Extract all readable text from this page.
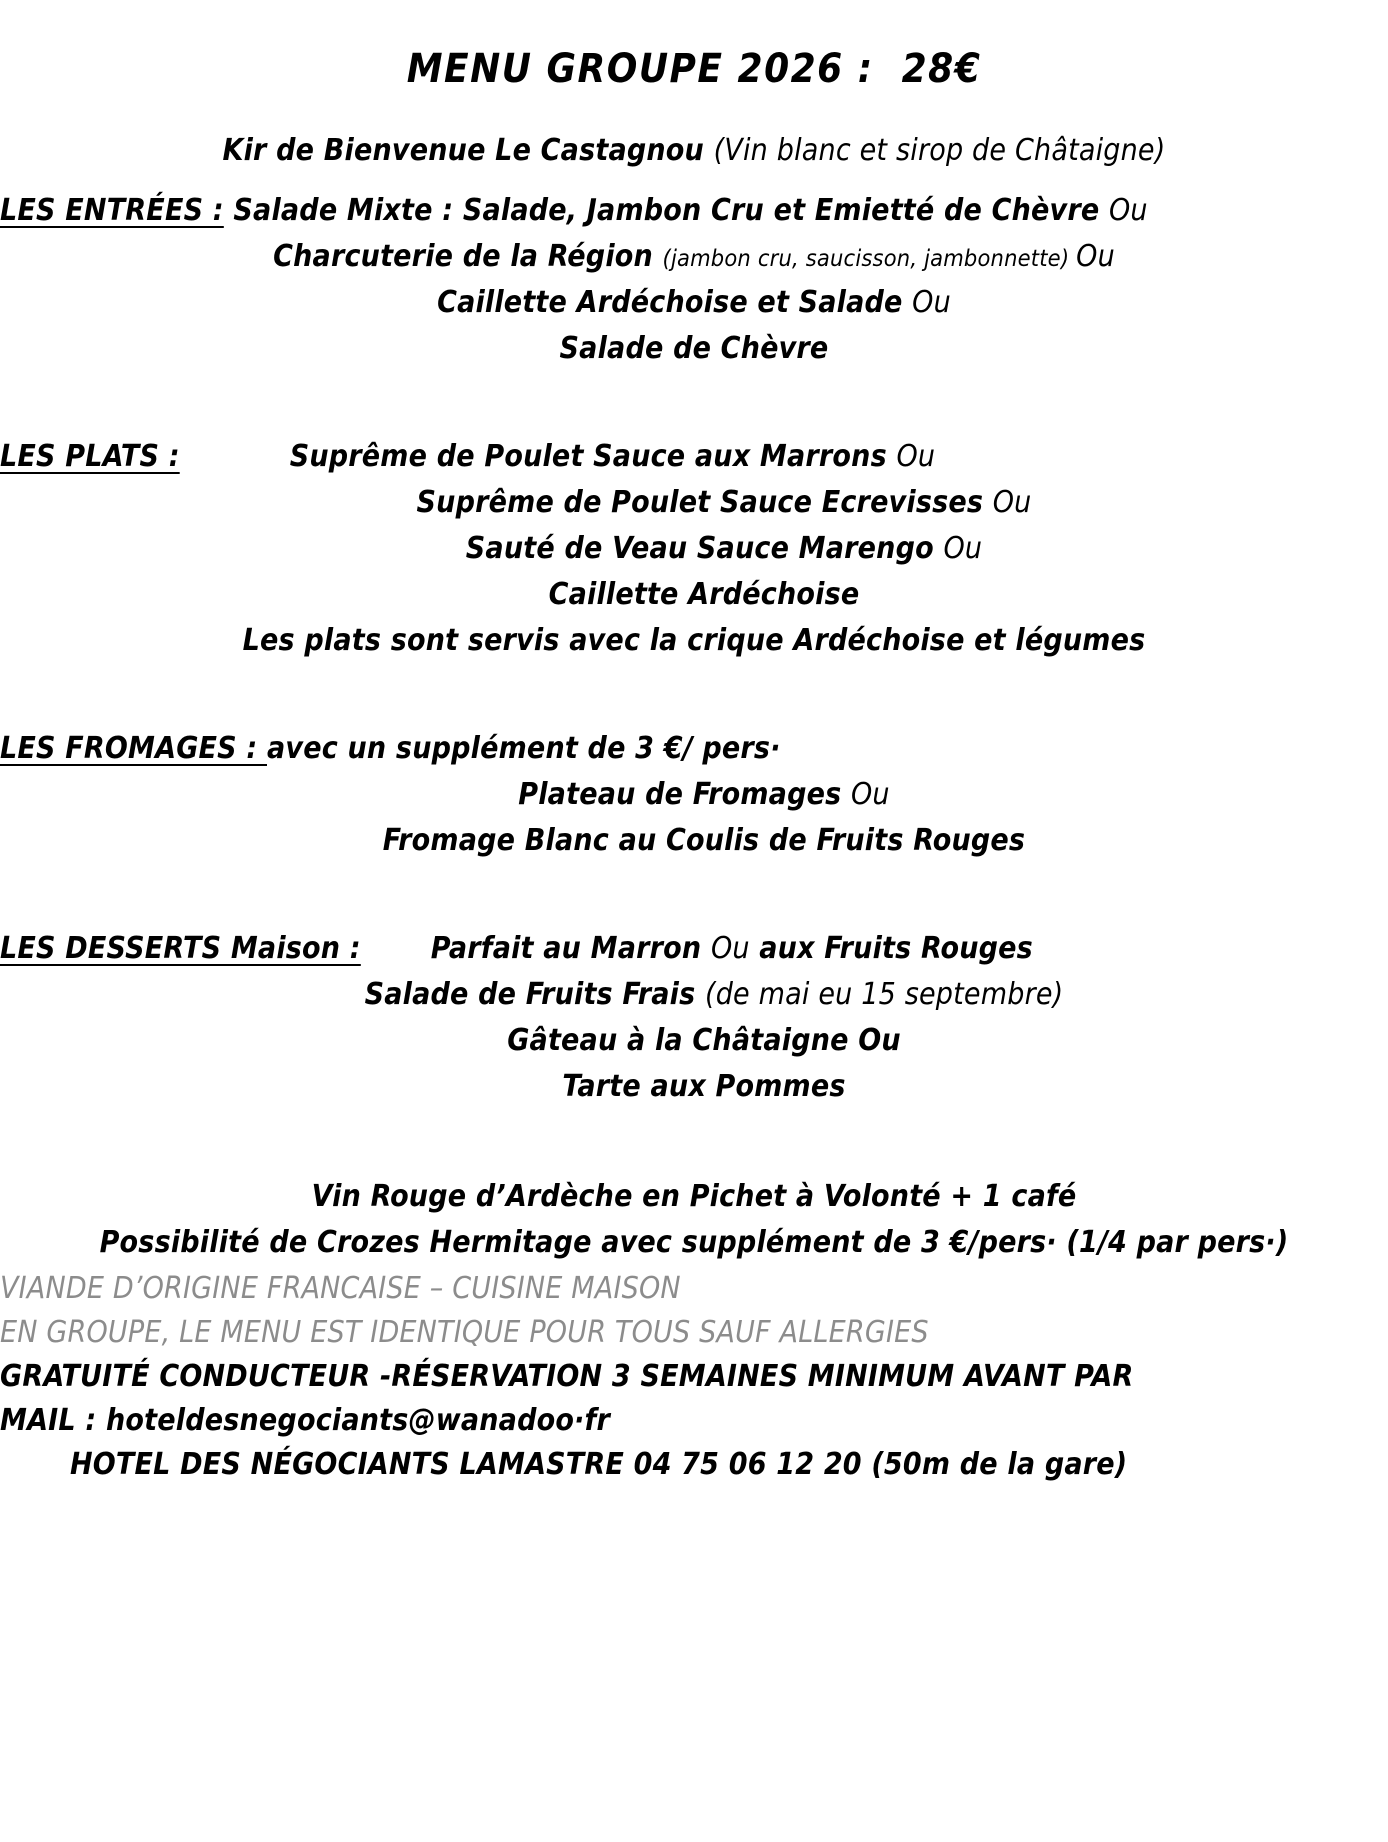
MENU GROUPE 2026 :  28€
Kir de Bienvenue Le Castagnou (Vin blanc et sirop de Châtaigne)
LES ENTRÉES : Salade Mixte : Salade, Jambon Cru et Emietté de Chèvre Ou
Charcuterie de la Région (jambon cru, saucisson, jambonnette) Ou
Caillette Ardéchoise et Salade Ou
Salade de Chèvre
LES PLATS :	Suprême de Poulet Sauce aux Marrons Ou
Suprême de Poulet Sauce Ecrevisses Ou
Sauté de Veau Sauce Marengo Ou
Caillette Ardéchoise
Les plats sont servis avec la crique Ardéchoise et légumes
LES FROMAGES : avec un supplément de 3 €/ pers·
Plateau de Fromages Ou
Fromage Blanc au Coulis de Fruits Rouges
LES DESSERTS Maison : Parfait au Marron Ou aux Fruits Rouges
Salade de Fruits Frais (de mai eu 15 septembre)
Gâteau à la Châtaigne Ou
Tarte aux Pommes
Vin Rouge d’Ardèche en Pichet à Volonté + 1 café
Possibilité de Crozes Hermitage avec supplément de 3 €/pers· (1/4 par pers·)
VIANDE D’ORIGINE FRANCAISE – CUISINE MAISON
EN GROUPE, LE MENU EST IDENTIQUE POUR TOUS SAUF ALLERGIES
GRATUITÉ CONDUCTEUR -RÉSERVATION 3 SEMAINES MINIMUM AVANT PAR
MAIL : hoteldesnegociants@wanadoo·fr
HOTEL DES NÉGOCIANTS LAMASTRE 04 75 06 12 20 (50m de la gare)
